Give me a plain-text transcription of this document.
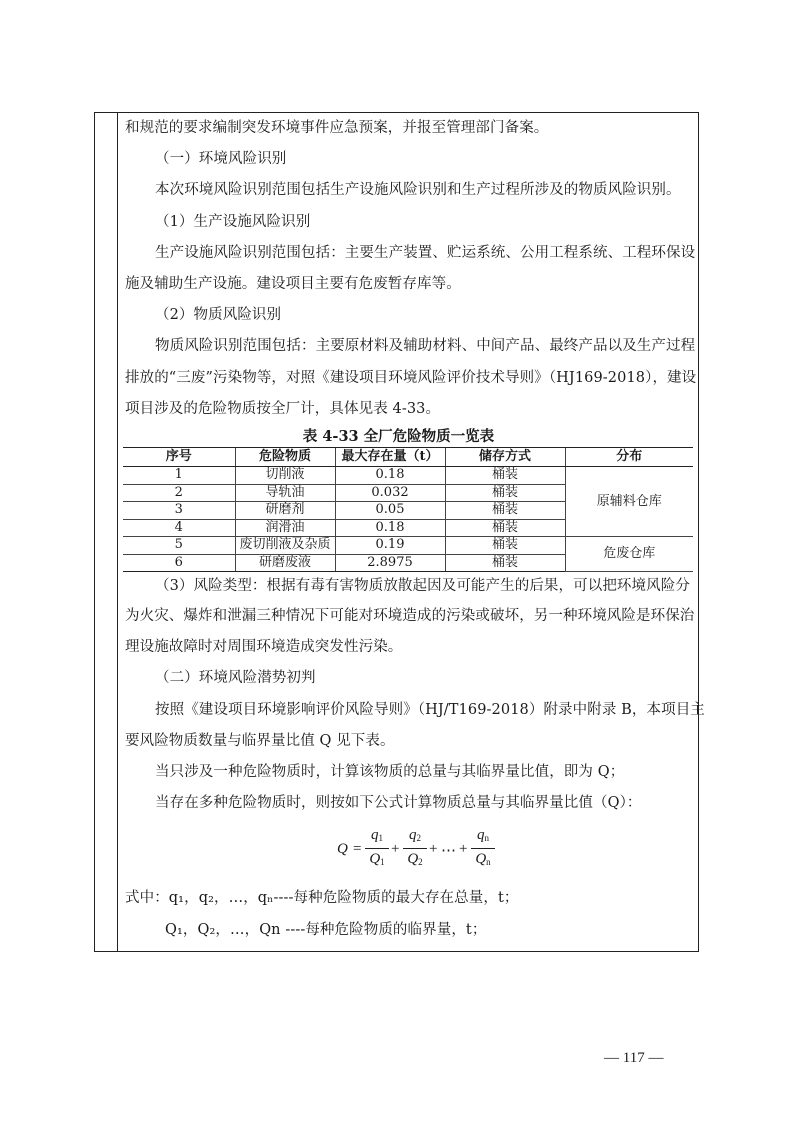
和规范的要求编制突发环境事件应急预案，并报至管理部门备案。
（一）环境风险识别
本次环境风险识别范围包括生产设施风险识别和生产过程所涉及的物质风险识别。
（1）生产设施风险识别
生产设施风险识别范围包括：主要生产装置、贮运系统、公用工程系统、工程环保设
施及辅助生产设施。建设项目主要有危废暂存库等。
（2）物质风险识别
物质风险识别范围包括：主要原材料及辅助材料、中间产品、最终产品以及生产过程
排放的“三废”污染物等，对照《建设项目环境风险评价技术导则》（HJ169-2018），建设
项目涉及的危险物质按全厂计，具体见表 4-33。
表 4-33 全厂危险物质一览表
序号	危险物质	最大存在量（t）	储存方式	分布
1	切削液	0.18	桶装	原辅料仓库
2	导轨油	0.032	桶装	
3	研磨剂	0.05	桶装	
4	润滑油	0.18	桶装	
5	废切削液及杂质	0.19	桶装	危废仓库
6	研磨废液	2.8975	桶装	
（3）风险类型：根据有毒有害物质放散起因及可能产生的后果，可以把环境风险分
为火灾、爆炸和泄漏三种情况下可能对环境造成的污染或破坏，另一种环境风险是环保治
理设施故障时对周围环境造成突发性污染。
（二）环境风险潜势初判
按照《建设项目环境影响评价风险导则》（HJ/T169-2018）附录中附录 B，本项目主
要风险物质数量与临界量比值 Q 见下表。
当只涉及一种危险物质时，计算该物质的总量与其临界量比值，即为 Q；
当存在多种危险物质时，则按如下公式计算物质总量与其临界量比值（Q）：
$Q = \frac{q_1}{Q_1} + \frac{q_2}{Q_2}$ + ⋯ + $\frac{q_n}{Q_n}$
式中：q₁，q₂，…，qₙ----每种危险物质的最大存在总量，t；
Q₁，Q₂，…，Qn ----每种危险物质的临界量，t；
— 117 —
